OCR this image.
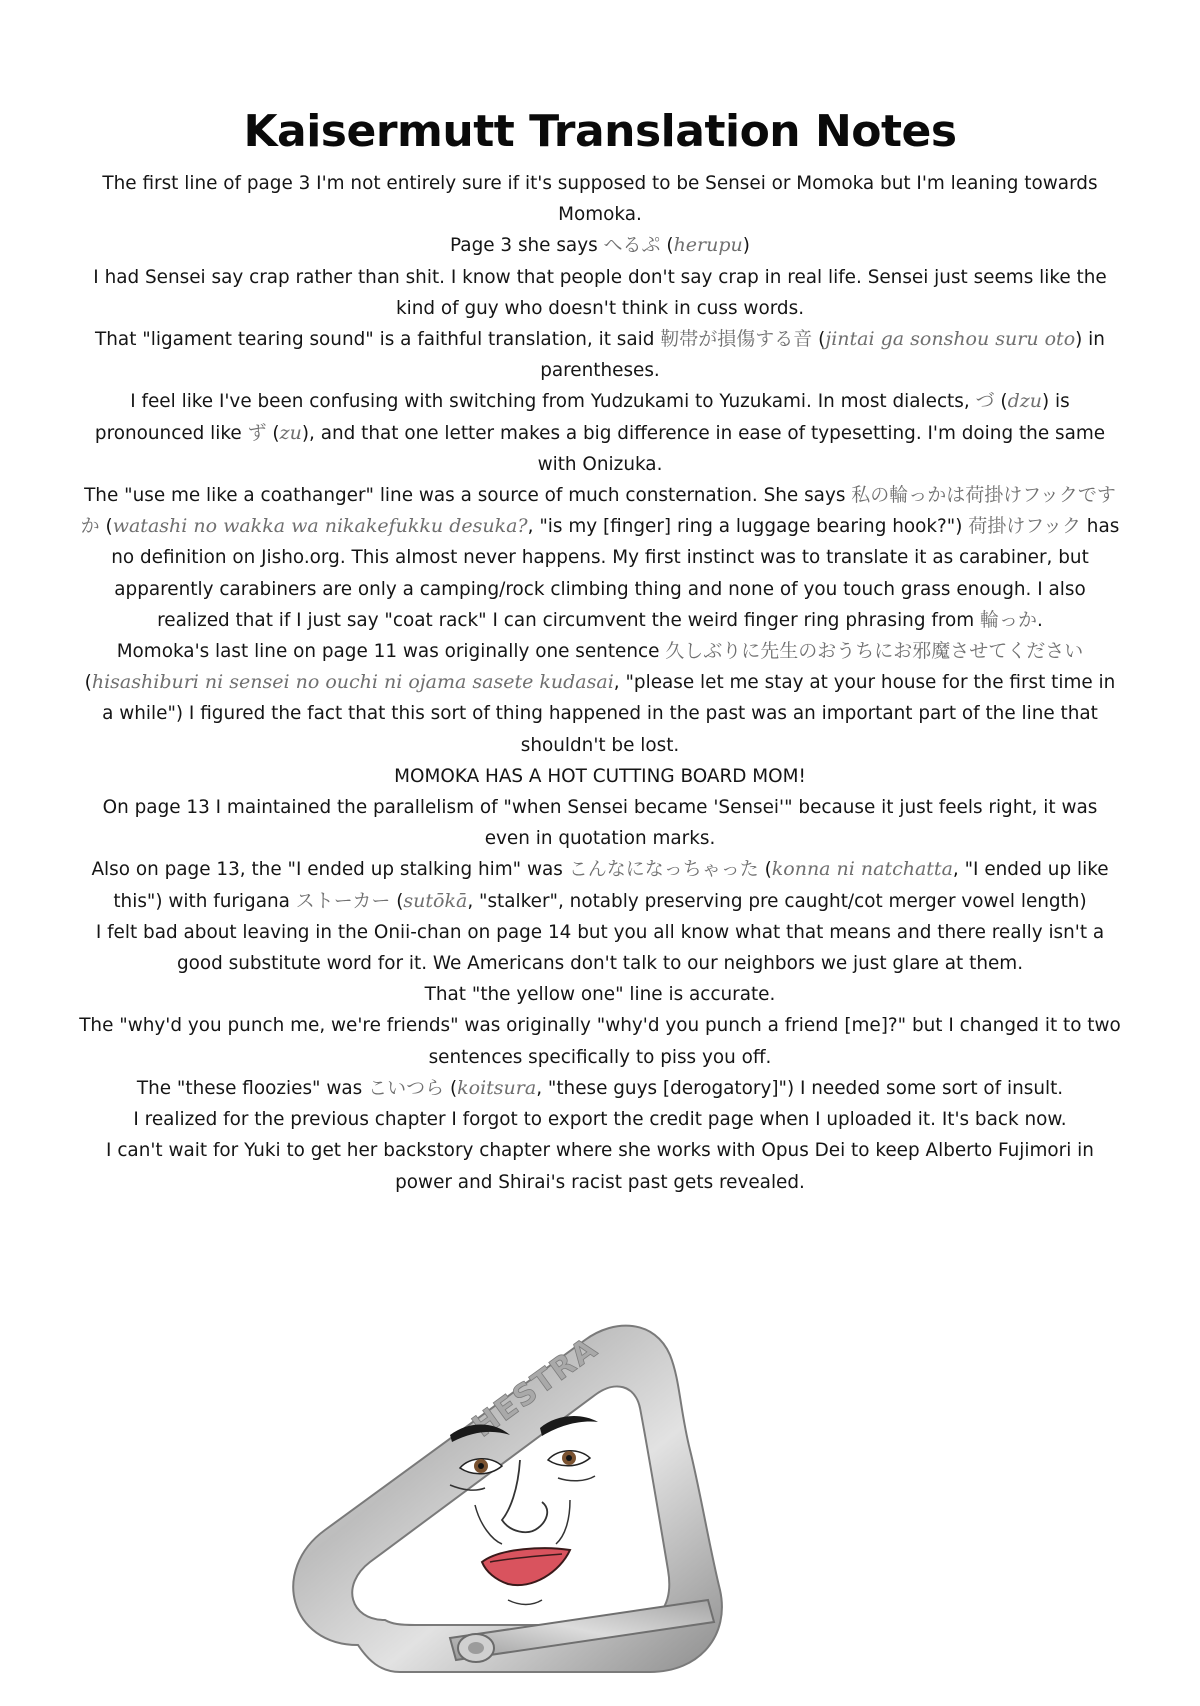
Kaisermutt Translation Notes

The first line of page 3 I'm not entirely sure if it's supposed to be Sensei or Momoka but I'm leaning towards Momoka.

Page 3 she says へるぷ (herupu)

I had Sensei say crap rather than shit. I know that people don't say crap in real life. Sensei just seems like the kind of guy who doesn't think in cuss words.

That "ligament tearing sound" is a faithful translation, it said 靭帯が損傷する音 (jintai ga sonshou suru oto) in parentheses.

I feel like I've been confusing with switching from Yudzukami to Yuzukami. In most dialects, づ (dzu) is pronounced like ず (zu), and that one letter makes a big difference in ease of typesetting. I'm doing the same with Onizuka.

The "use me like a coathanger" line was a source of much consternation. She says 私の輪っかは荷掛けフックですか (watashi no wakka wa nikakefukku desuka?, "is my [finger] ring a luggage bearing hook?") 荷掛けフック has no definition on Jisho.org. This almost never happens. My first instinct was to translate it as carabiner, but apparently carabiners are only a camping/rock climbing thing and none of you touch grass enough. I also realized that if I just say "coat rack" I can circumvent the weird finger ring phrasing from 輪っか.

Momoka's last line on page 11 was originally one sentence 久しぶりに先生のおうちにお邪魔させてください (hisashiburi ni sensei no ouchi ni ojama sasete kudasai, "please let me stay at your house for the first time in a while") I figured the fact that this sort of thing happened in the past was an important part of the line that shouldn't be lost.

MOMOKA HAS A HOT CUTTING BOARD MOM!

On page 13 I maintained the parallelism of "when Sensei became 'Sensei'" because it just feels right, it was even in quotation marks.

Also on page 13, the "I ended up stalking him" was こんなになっちゃった (konna ni natchatta, "I ended up like this") with furigana ストーカー (sutōkā, "stalker", notably preserving pre caught/cot merger vowel length)

I felt bad about leaving in the Onii-chan on page 14 but you all know what that means and there really isn't a good substitute word for it. We Americans don't talk to our neighbors we just glare at them.

That "the yellow one" line is accurate.

The "why'd you punch me, we're friends" was originally "why'd you punch a friend [me]?" but I changed it to two sentences specifically to piss you off.

The "these floozies" was こいつら (koitsura, "these guys [derogatory]") I needed some sort of insult.

I realized for the previous chapter I forgot to export the credit page when I uploaded it. It's back now.

I can't wait for Yuki to get her backstory chapter where she works with Opus Dei to keep Alberto Fujimori in power and Shirai's racist past gets revealed.

HESTRA
